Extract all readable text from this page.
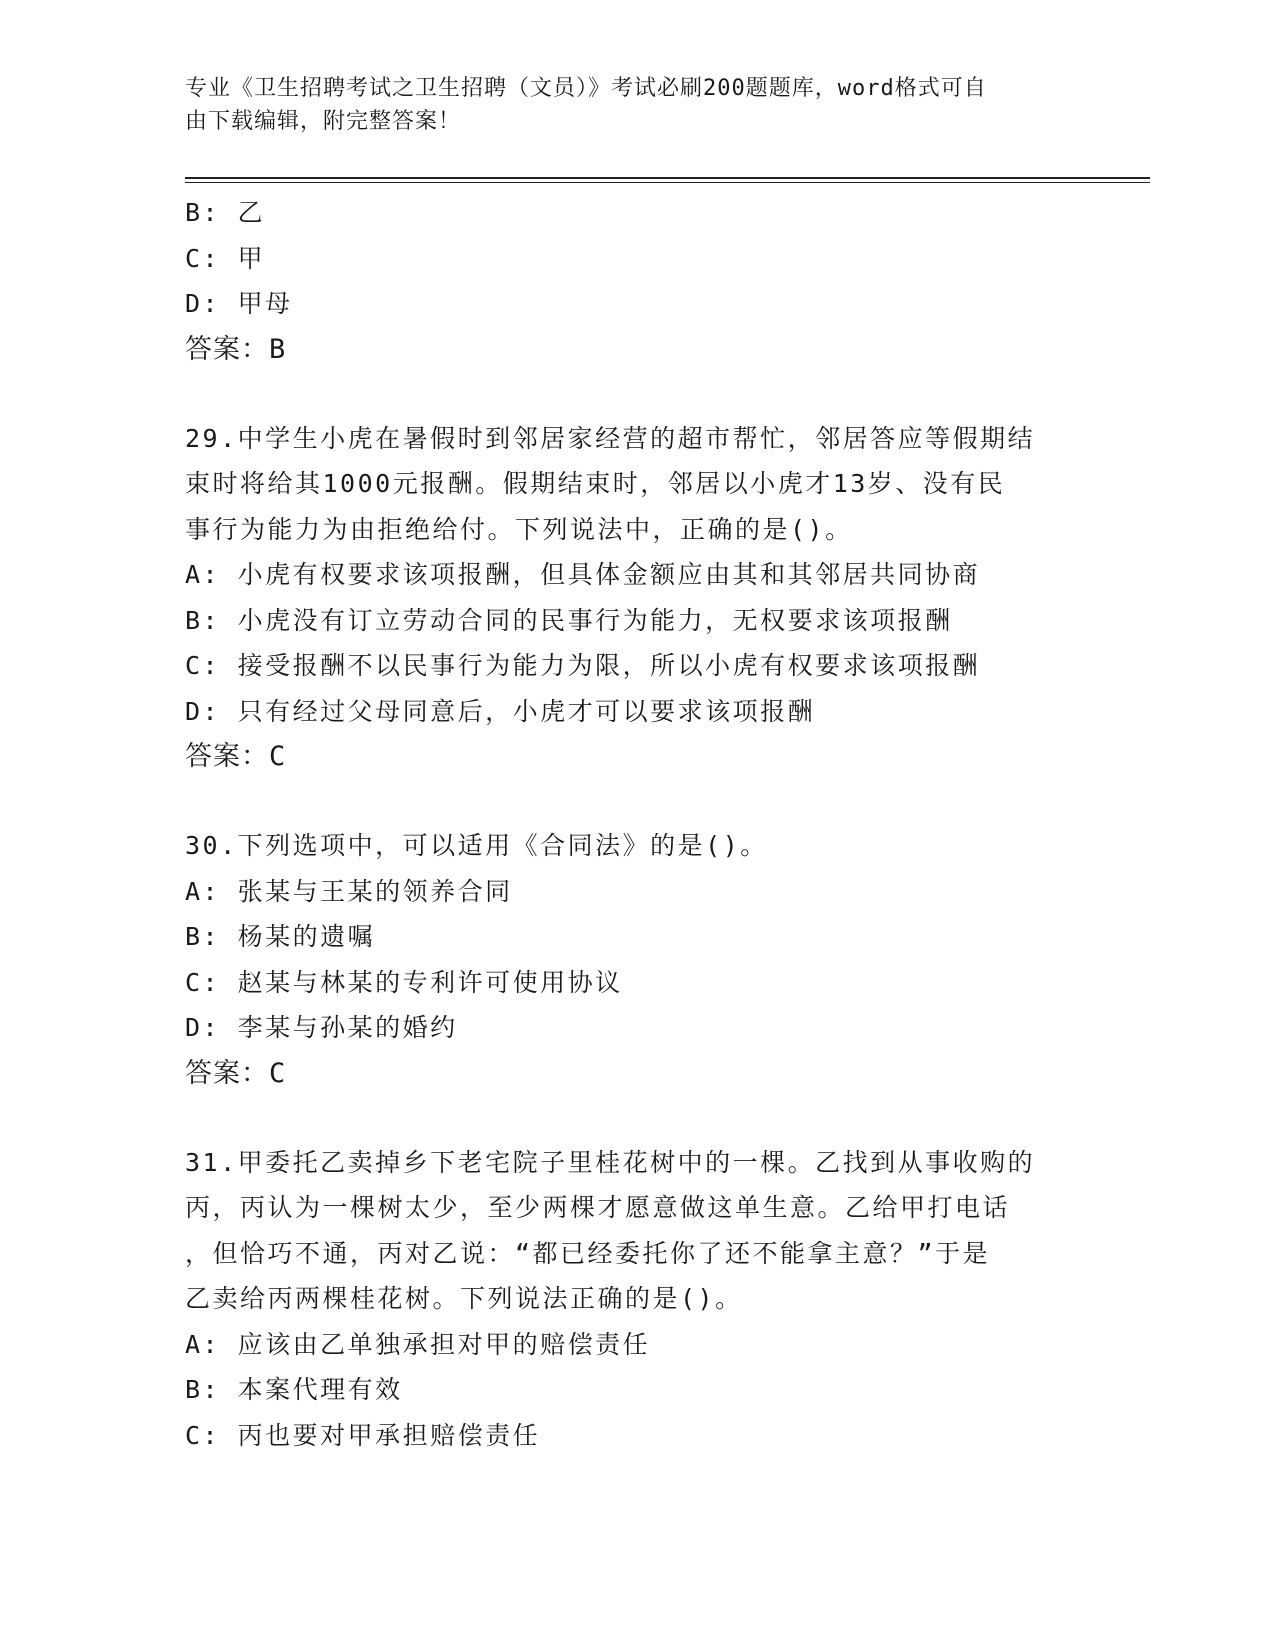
专业《卫生招聘考试之卫生招聘（文员）》考试必刷200题题库，word格式可自
由下载编辑，附完整答案！
B: 乙
C: 甲
D: 甲母
答案：B
29.中学生小虎在暑假时到邻居家经营的超市帮忙，邻居答应等假期结
束时将给其1000元报酬。假期结束时，邻居以小虎才13岁、没有民
事行为能力为由拒绝给付。下列说法中，正确的是()。
A: 小虎有权要求该项报酬，但具体金额应由其和其邻居共同协商
B: 小虎没有订立劳动合同的民事行为能力，无权要求该项报酬
C: 接受报酬不以民事行为能力为限，所以小虎有权要求该项报酬
D: 只有经过父母同意后，小虎才可以要求该项报酬
答案：C
30.下列选项中，可以适用《合同法》的是()。
A: 张某与王某的领养合同
B: 杨某的遗嘱
C: 赵某与林某的专利许可使用协议
D: 李某与孙某的婚约
答案：C
31.甲委托乙卖掉乡下老宅院子里桂花树中的一棵。乙找到从事收购的
丙，丙认为一棵树太少，至少两棵才愿意做这单生意。乙给甲打电话
，但恰巧不通，丙对乙说：“都已经委托你了还不能拿主意？”于是
乙卖给丙两棵桂花树。下列说法正确的是()。
A: 应该由乙单独承担对甲的赔偿责任
B: 本案代理有效
C: 丙也要对甲承担赔偿责任
